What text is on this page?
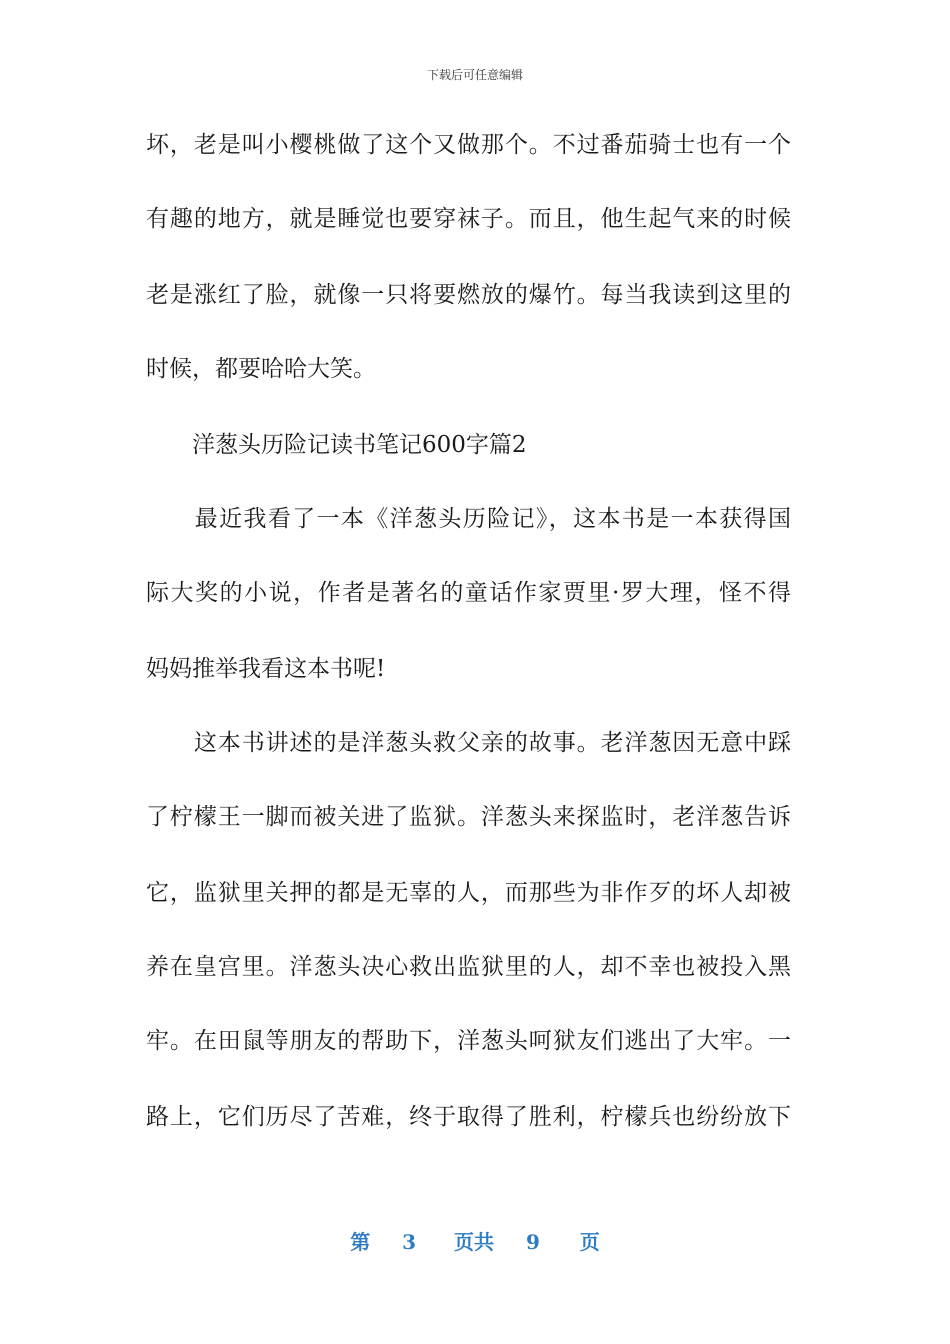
下载后可任意编辑
坏，老是叫小樱桃做了这个又做那个。不过番茄骑士也有一个
有趣的地方，就是睡觉也要穿袜子。而且，他生起气来的时候
老是涨红了脸，就像一只将要燃放的爆竹。每当我读到这里的
时候，都要哈哈大笑。
　　洋葱头历险记读书笔记600字篇2
　　最近我看了一本《洋葱头历险记》，这本书是一本获得国
际大奖的小说，作者是著名的童话作家贾里·罗大理，怪不得
妈妈推举我看这本书呢!
　　这本书讲述的是洋葱头救父亲的故事。老洋葱因无意中踩
了柠檬王一脚而被关进了监狱。洋葱头来探监时，老洋葱告诉
它，监狱里关押的都是无辜的人，而那些为非作歹的坏人却被
养在皇宫里。洋葱头决心救出监狱里的人，却不幸也被投入黑
牢。在田鼠等朋友的帮助下，洋葱头呵狱友们逃出了大牢。一
路上，它们历尽了苦难，终于取得了胜利，柠檬兵也纷纷放下
第 3 页共 9 页
